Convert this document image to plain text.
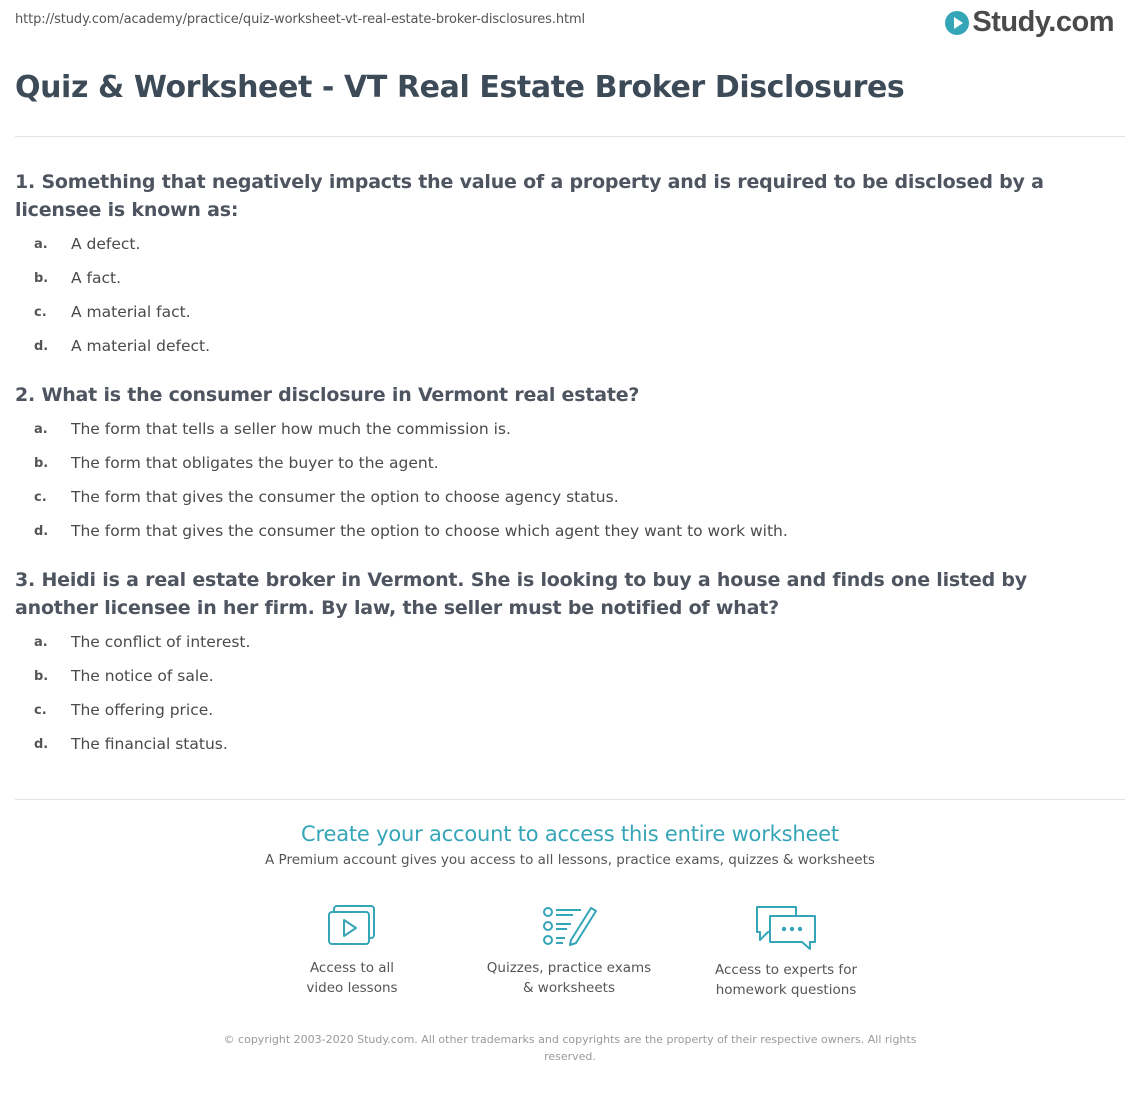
http://study.com/academy/practice/quiz-worksheet-vt-real-estate-broker-disclosures.html	Study.com
Quiz & Worksheet - VT Real Estate Broker Disclosures
1. Something that negatively impacts the value of a property and is required to be disclosed by a licensee is known as:
a.	A defect.
b.	A fact.
c.	A material fact.
d.	A material defect.
2. What is the consumer disclosure in Vermont real estate?
a.	The form that tells a seller how much the commission is.
b.	The form that obligates the buyer to the agent.
c.	The form that gives the consumer the option to choose agency status.
d.	The form that gives the consumer the option to choose which agent they want to work with.
3. Heidi is a real estate broker in Vermont. She is looking to buy a house and finds one listed by another licensee in her firm. By law, the seller must be notified of what?
a.	The conflict of interest.
b.	The notice of sale.
c.	The offering price.
d.	The financial status.
Create your account to access this entire worksheet
A Premium account gives you access to all lessons, practice exams, quizzes & worksheets
Access to all
video lessons
Quizzes, practice exams
& worksheets
Access to experts for
homework questions
© copyright 2003-2020 Study.com. All other trademarks and copyrights are the property of their respective owners. All rights reserved.
